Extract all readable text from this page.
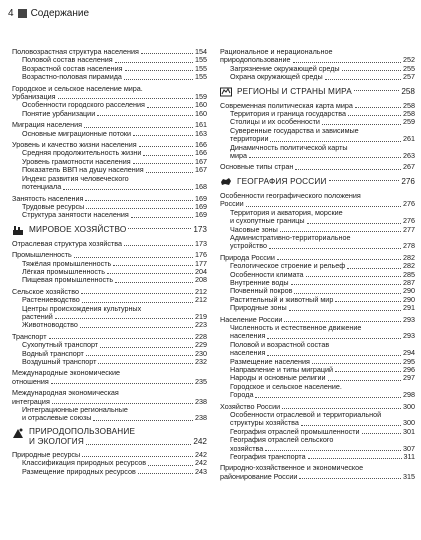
4 Содержание
Половозрастная структура населения	154
Половой состав населения	155
Возрастной состав населения	155
Возрастно-половая пирамида	155
Городское и сельское население мира.
Урбанизация	159
Особенности городского расселения	160
Понятие урбанизации	160
Миграция населения	161
Основные миграционные потоки	163
Уровень и качество жизни населения	166
Средняя продолжительность жизни	166
Уровень грамотности населения	167
Показатель ВВП на душу населения	167
Индекс развития человеческого
потенциала	168
Занятость населения	169
Трудовые ресурсы	169
Структура занятости населения	169
МИРОВОЕ ХОЗЯЙСТВО	173
Отраслевая структура хозяйства	173
Промышленность	176
Тяжёлая промышленность	177
Лёгкая промышленность	204
Пищевая промышленность	208
Сельское хозяйство	212
Растениеводство	212
Центры происхождения культурных
растений	219
Животноводство	223
Транспорт	228
Сухопутный транспорт	229
Водный транспорт	230
Воздушный транспорт	232
Международные экономические
отношения	235
Международная экономическая
интеграция	238
Интеграционные региональные
и отраслевые союзы	238
ПРИРОДОПОЛЬЗОВАНИЕ
И ЭКОЛОГИЯ	242
Природные ресурсы	242
Классификация природных ресурсов	242
Размещение природных ресурсов	243
Рациональное и нерациональное
природопользование	252
Загрязнение окружающей среды	255
Охрана окружающей среды	257
РЕГИОНЫ И СТРАНЫ МИРА	258
Современная политическая карта мира	258
Территория и граница государства	258
Столицы и их особенности	259
Суверенные государства и зависимые
территории	261
Динамичность политической карты
мира	263
Основные типы стран	267
ГЕОГРАФИЯ РОССИИ	276
Особенности географического положения
России	276
Территория и акватория, морские
и сухопутные границы	276
Часовые зоны	277
Административно-территориальное
устройство	278
Природа России	282
Геологическое строение и рельеф	282
Особенности климата	285
Внутренние воды	287
Почвенный покров	290
Растительный и животный мир	290
Природные зоны	291
Население России	293
Численность и естественное движение
населения	293
Половой и возрастной состав
населения	294
Размещение населения	295
Направление и типы миграций	296
Народы и основные религии	297
Городское и сельское население.
Города	298
Хозяйство России	300
Особенности отраслевой и территориальной
структуры хозяйства	300
География отраслей промышленности	301
География отраслей сельского
хозяйства	307
География транспорта	311
Природно-хозяйственное и экономическое
районирование России	315
